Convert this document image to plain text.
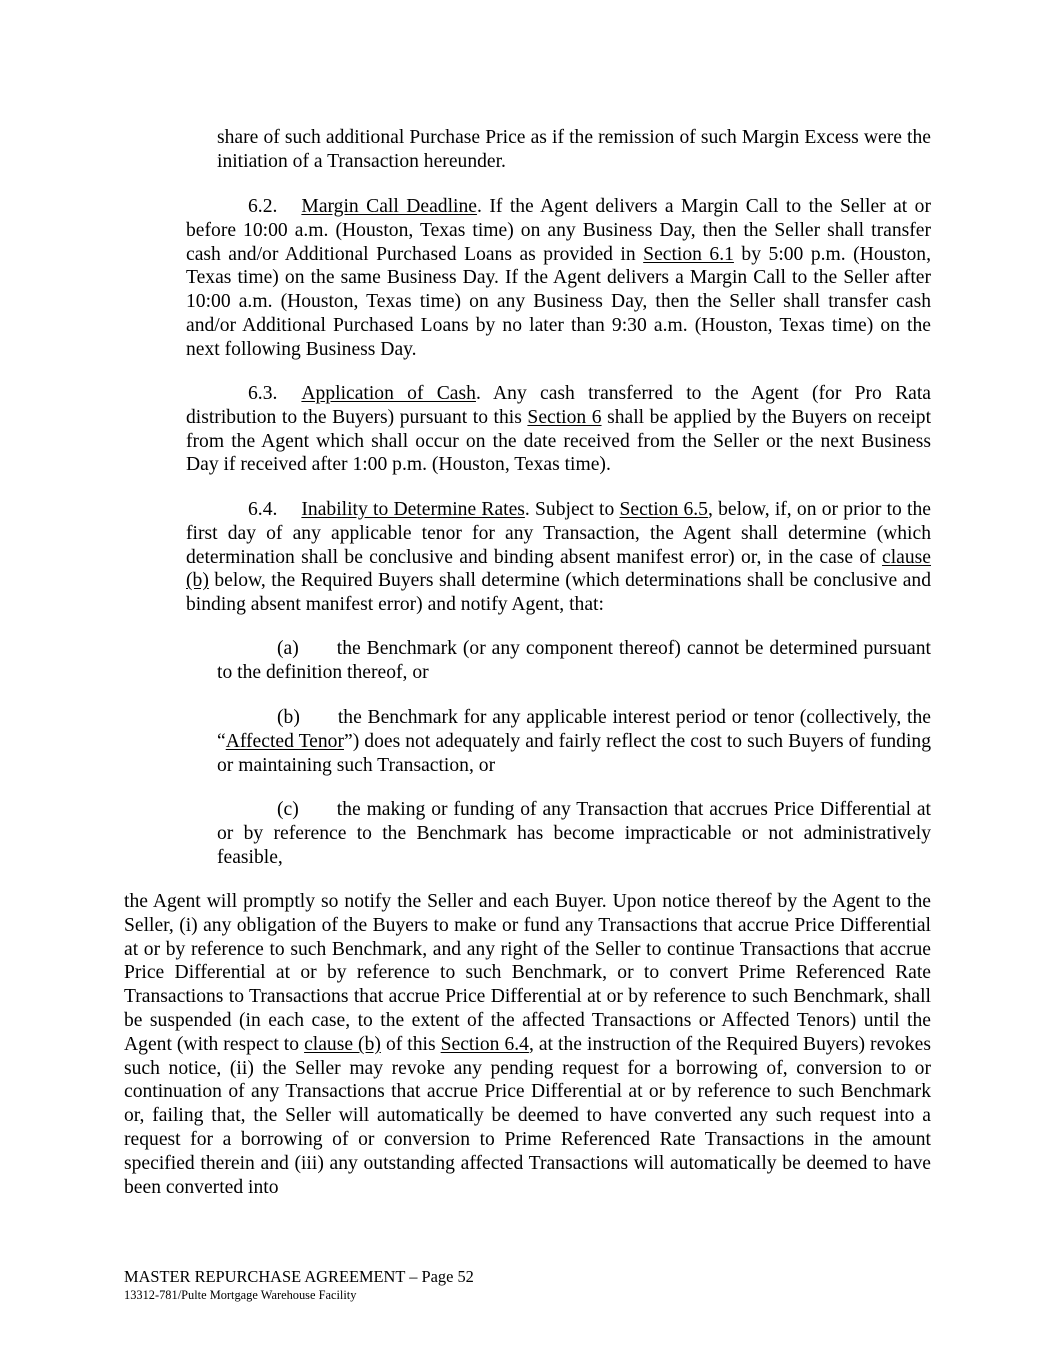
share of such additional Purchase Price as if the remission of such Margin Excess were the initiation of a Transaction hereunder.

6.2. Margin Call Deadline. If the Agent delivers a Margin Call to the Seller at or before 10:00 a.m. (Houston, Texas time) on any Business Day, then the Seller shall transfer cash and/or Additional Purchased Loans as provided in Section 6.1 by 5:00 p.m. (Houston, Texas time) on the same Business Day. If the Agent delivers a Margin Call to the Seller after 10:00 a.m. (Houston, Texas time) on any Business Day, then the Seller shall transfer cash and/or Additional Purchased Loans by no later than 9:30 a.m. (Houston, Texas time) on the next following Business Day.

6.3. Application of Cash. Any cash transferred to the Agent (for Pro Rata distribution to the Buyers) pursuant to this Section 6 shall be applied by the Buyers on receipt from the Agent which shall occur on the date received from the Seller or the next Business Day if received after 1:00 p.m. (Houston, Texas time).

6.4. Inability to Determine Rates. Subject to Section 6.5, below, if, on or prior to the first day of any applicable tenor for any Transaction, the Agent shall determine (which determination shall be conclusive and binding absent manifest error) or, in the case of clause (b) below, the Required Buyers shall determine (which determinations shall be conclusive and binding absent manifest error) and notify Agent, that:

(a) the Benchmark (or any component thereof) cannot be determined pursuant to the definition thereof, or

(b) the Benchmark for any applicable interest period or tenor (collectively, the “Affected Tenor”) does not adequately and fairly reflect the cost to such Buyers of funding or maintaining such Transaction, or

(c) the making or funding of any Transaction that accrues Price Differential at or by reference to the Benchmark has become impracticable or not administratively feasible,

the Agent will promptly so notify the Seller and each Buyer. Upon notice thereof by the Agent to the Seller, (i) any obligation of the Buyers to make or fund any Transactions that accrue Price Differential at or by reference to such Benchmark, and any right of the Seller to continue Transactions that accrue Price Differential at or by reference to such Benchmark, or to convert Prime Referenced Rate Transactions to Transactions that accrue Price Differential at or by reference to such Benchmark, shall be suspended (in each case, to the extent of the affected Transactions or Affected Tenors) until the Agent (with respect to clause (b) of this Section 6.4, at the instruction of the Required Buyers) revokes such notice, (ii) the Seller may revoke any pending request for a borrowing of, conversion to or continuation of any Transactions that accrue Price Differential at or by reference to such Benchmark or, failing that, the Seller will automatically be deemed to have converted any such request into a request for a borrowing of or conversion to Prime Referenced Rate Transactions in the amount specified therein and (iii) any outstanding affected Transactions will automatically be deemed to have been converted into

MASTER REPURCHASE AGREEMENT – Page 52
13312-781/Pulte Mortgage Warehouse Facility
